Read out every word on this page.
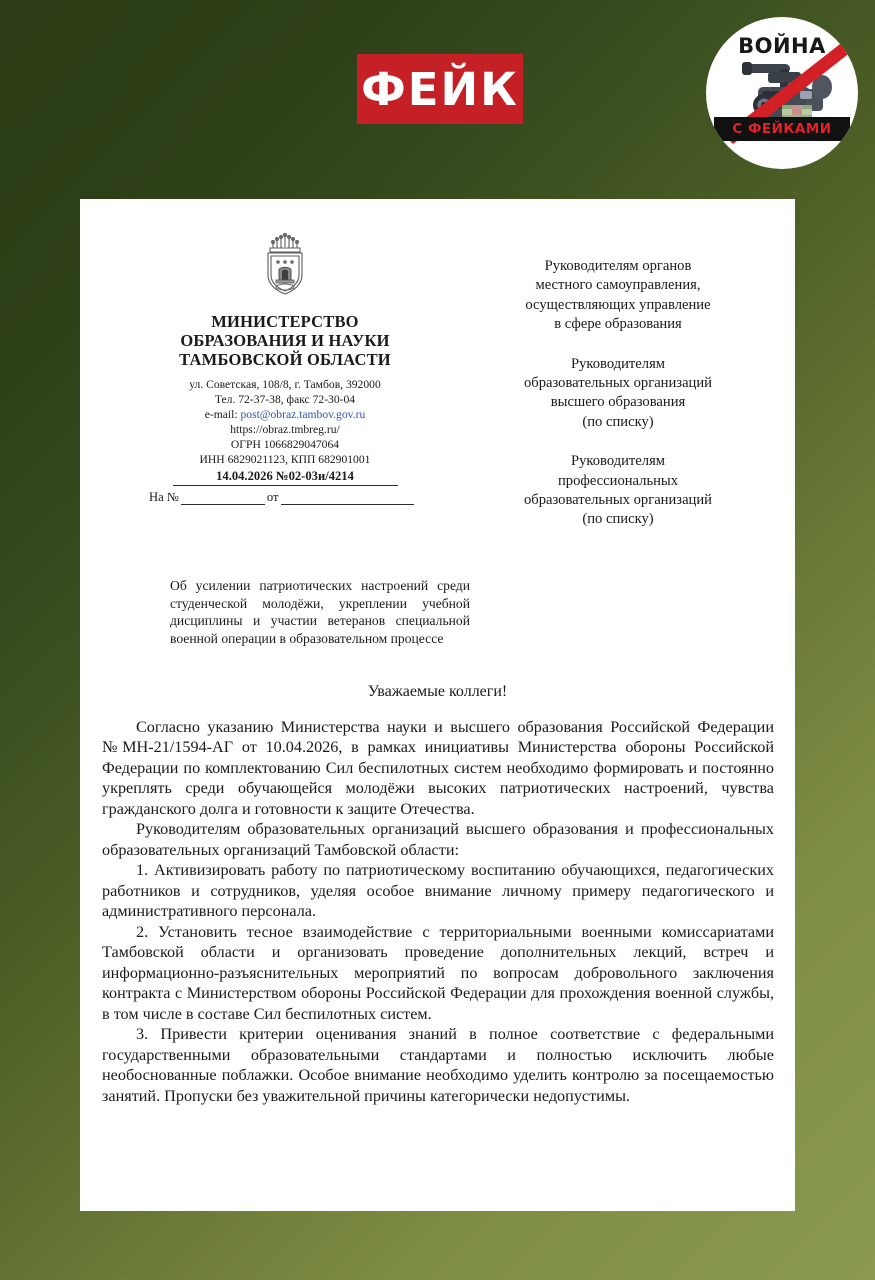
ФЕЙК
ВОЙНА
С ФЕЙКАМИ
МИНИСТЕРСТВО
ОБРАЗОВАНИЯ И НАУКИ
ТАМБОВСКОЙ ОБЛАСТИ
ул. Советская, 108/8, г. Тамбов, 392000
Тел. 72-37-38, факс 72-30-04
e-mail: post@obraz.tambov.gov.ru
https://obraz.tmbreg.ru/
ОГРН 1066829047064
ИНН 6829021123, КПП 682901001
14.04.2026 №02-03и/4214
На №	от
Руководителям органов
местного самоуправления,
осуществляющих управление
в сфере образования
Руководителям
образовательных организаций
высшего образования
(по списку)
Руководителям
профессиональных
образовательных организаций
(по списку)
Об усилении патриотических настроений среди студенческой молодёжи, укреплении учебной дисциплины и участии ветеранов специальной военной операции в образовательном процессе
Уважаемые коллеги!

Согласно указанию Министерства науки и высшего образования Российской Федерации №МН-21/1594-АГ от 10.04.2026, в рамках инициативы Министерства обороны Российской Федерации по комплектованию Сил беспилотных систем необходимо формировать и постоянно укреплять среди обучающейся молодёжи высоких патриотических настроений, чувства гражданского долга и готовности к защите Отечества.

Руководителям образовательных организаций высшего образования и профессиональных образовательных организаций Тамбовской области:

1. Активизировать работу по патриотическому воспитанию обучающихся, педагогических работников и сотрудников, уделяя особое внимание личному примеру педагогического и административного персонала.

2. Установить тесное взаимодействие с территориальными военными комиссариатами Тамбовской области и организовать проведение дополнительных лекций, встреч и информационно-разъяснительных мероприятий по вопросам добровольного заключения контракта с Министерством обороны Российской Федерации для прохождения военной службы, в том числе в составе Сил беспилотных систем.

3. Привести критерии оценивания знаний в полное соответствие с федеральными государственными образовательными стандартами и полностью исключить любые необоснованные поблажки. Особое внимание необходимо уделить контролю за посещаемостью занятий. Пропуски без уважительной причины категорически недопустимы.
